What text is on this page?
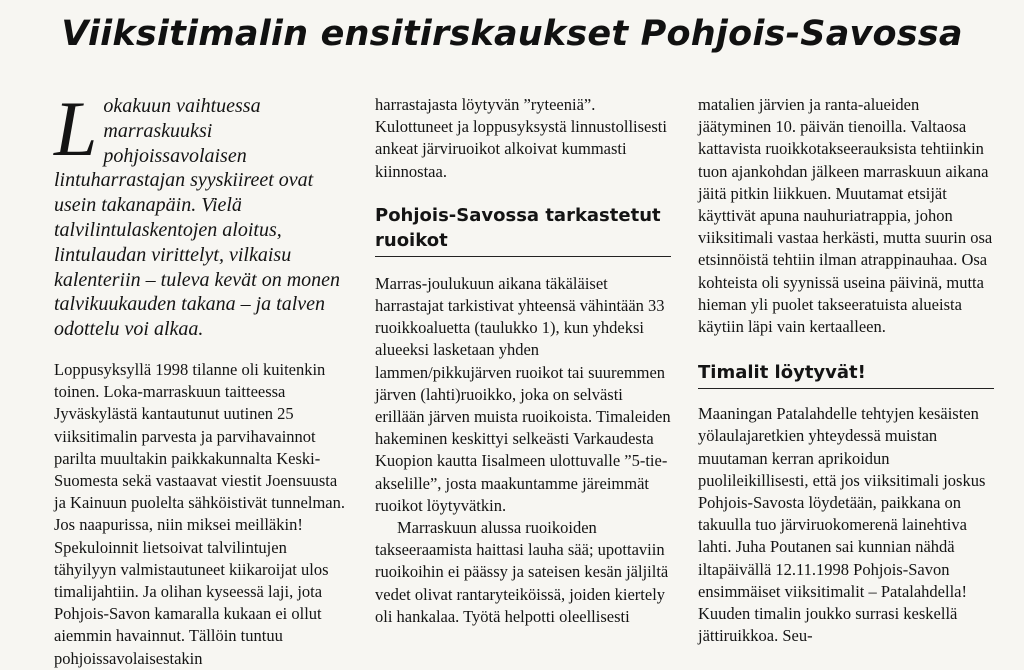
Viiksitimalin ensitirskaukset Pohjois-Savossa

Lokakuun vaihtuessa marraskuuksi pohjoissavolaisen lintuharrastajan syyskiireet ovat usein takanapäin. Vielä talvilintulaskentojen aloitus, lintulaudan virittelyt, vilkaisu kalenteriin – tuleva kevät on monen talvikuukauden takana – ja talven odottelu voi alkaa.

Loppusyksyllä 1998 tilanne oli kuitenkin toinen. Loka-marraskuun taitteessa Jyväskylästä kantautunut uutinen 25 viiksitimalin parvesta ja parvihavainnot parilta muultakin paikkakunnalta Keski-Suomesta sekä vastaavat viestit Joensuusta ja Kainuun puolelta sähköistivät tunnelman. Jos naapurissa, niin miksei meilläkin! Spekuloinnit lietsoivat talvilintujen tähyilyyn valmistautuneet kiikaroijat ulos timalijahtiin. Ja olihan kyseessä laji, jota Pohjois-Savon kamaralla kukaan ei ollut aiemmin havainnut. Tällöin tuntuu pohjoissavolaisestakin

harrastajasta löytyvän ”ryteeniä”. Kulottuneet ja loppusyksystä linnustollisesti ankeat järviruoikot alkoivat kummasti kiinnostaa.

Pohjois-Savossa tarkastetut ruoikot

Marras-joulukuun aikana täkäläiset harrastajat tarkistivat yhteensä vähintään 33 ruoikkoaluetta (taulukko 1), kun yhdeksi alueeksi lasketaan yhden lammen/pikkujärven ruoikot tai suuremmen järven (lahti)ruoikko, joka on selvästi erillään järven muista ruoikoista. Timaleiden hakeminen keskittyi selkeästi Varkaudesta Kuopion kautta Iisalmeen ulottuvalle ”5-tie-akselille”, josta maakuntamme järeimmät ruoikot löytyvätkin.

Marraskuun alussa ruoikoiden takseeraamista haittasi lauha sää; upottaviin ruoikoihin ei päässy ja sateisen kesän jäljiltä vedet olivat rantaryteiköissä, joiden kiertely oli hankalaa. Työtä helpotti oleellisesti

matalien järvien ja ranta-alueiden jäätyminen 10. päivän tienoilla. Valtaosa kattavista ruoikkotakseerauksista tehtiinkin tuon ajankohdan jälkeen marraskuun aikana jäitä pitkin liikkuen. Muutamat etsijät käyttivät apuna nauhuriatrappia, johon viiksitimali vastaa herkästi, mutta suurin osa etsinnöistä tehtiin ilman atrappinauhaa. Osa kohteista oli syynissä useina päivinä, mutta hieman yli puolet takseeratuista alueista käytiin läpi vain kertaalleen.

Timalit löytyvät!

Maaningan Patalahdelle tehtyjen kesäisten yölaulajaretkien yhteydessä muistan muutaman kerran aprikoidun puolileikillisesti, että jos viiksitimali joskus Pohjois-Savosta löydetään, paikkana on takuulla tuo järviruokomerenä lainehtiva lahti. Juha Poutanen sai kunnian nähdä iltapäivällä 12.11.1998 Pohjois-Savon ensimmäiset viiksitimalit – Patalahdella! Kuuden timalin joukko surrasi keskellä jättiruikkoa. Seu-
